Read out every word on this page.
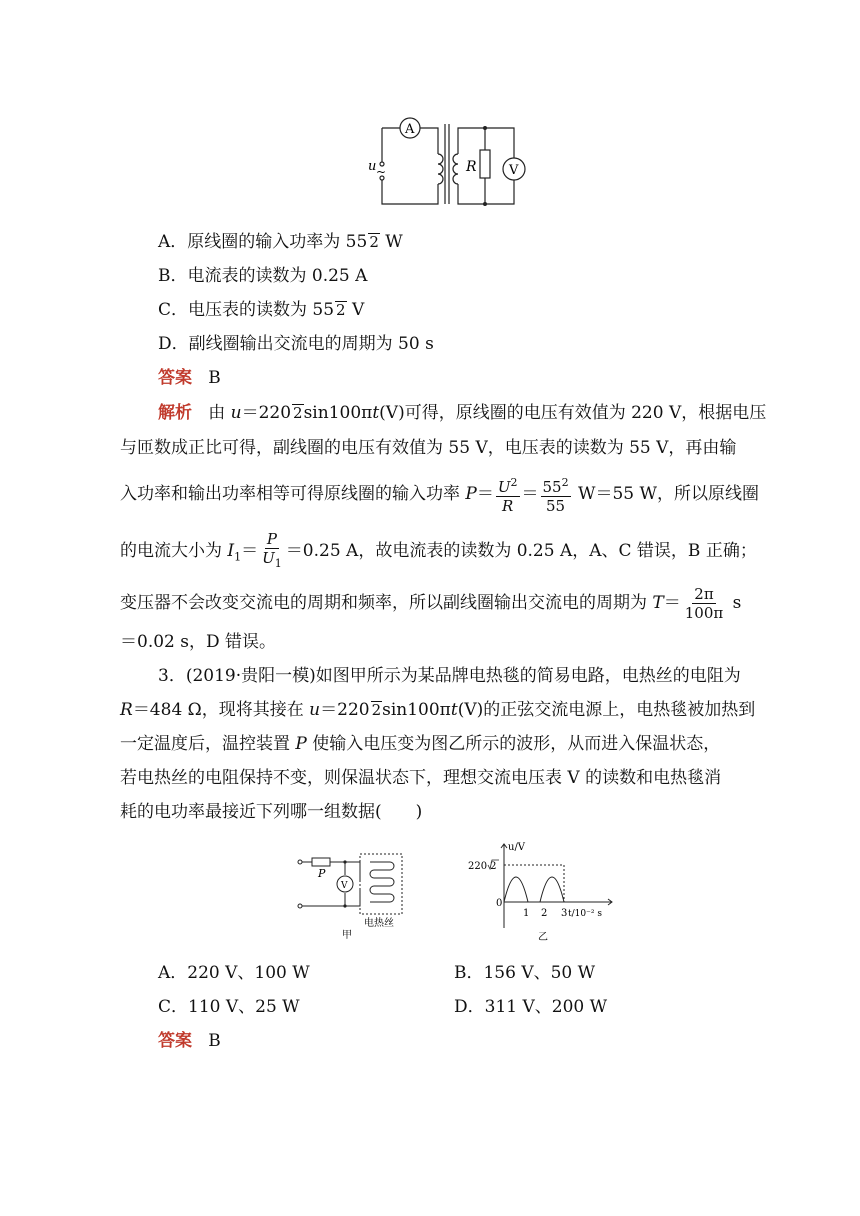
A
V
R
u ~
A．原线圈的输入功率为 55 2 W
B．电流表的读数为 0.25 A
C．电压表的读数为 55 2 V
D．副线圈输出交流电的周期为 50 s
答案 B
解析 由 u＝220 2sin100πt(V)可得，原线圈的电压有效值为 220 V，根据电压
与匝数成正比可得，副线圈的电压有效值为 55 V，电压表的读数为 55 V，再由输
入功率和输出功率相等可得原线圈的输入功率 $P= \frac{U^2}{R} = \frac{55^2}{55} W=55$ W，所以原线圈
的电流大小为 $I_1= \frac{P}{U_1} =0.25$ A，故电流表的读数为 0.25 A，A、C 错误，B 正确；
变压器不会改变交流电的周期和频率，所以副线圈输出交流电的周期为 $T= \frac{2\pi}{100\pi}$ s
＝0.02 s，D 错误。
3．(2019·贵阳一模)如图甲所示为某品牌电热毯的简易电路，电热丝的电阻为
R＝484 Ω，现将其接在 u＝220 2sin100πt(V)的正弦交流电源上，电热毯被加热到
一定温度后，温控装置 P 使输入电压变为图乙所示的波形，从而进入保温状态，
若电热丝的电阻保持不变，则保温状态下，理想交流电压表 V 的读数和电热毯消
耗的电功率最接近下列哪一组数据(　　)
P
V
电热丝
甲
u/V
220 2
0
1 2 3 t/10⁻² s
乙
A．220 V、100 W	B．156 V、50 W
C．110 V、25 W	D．311 V、200 W
答案 B
